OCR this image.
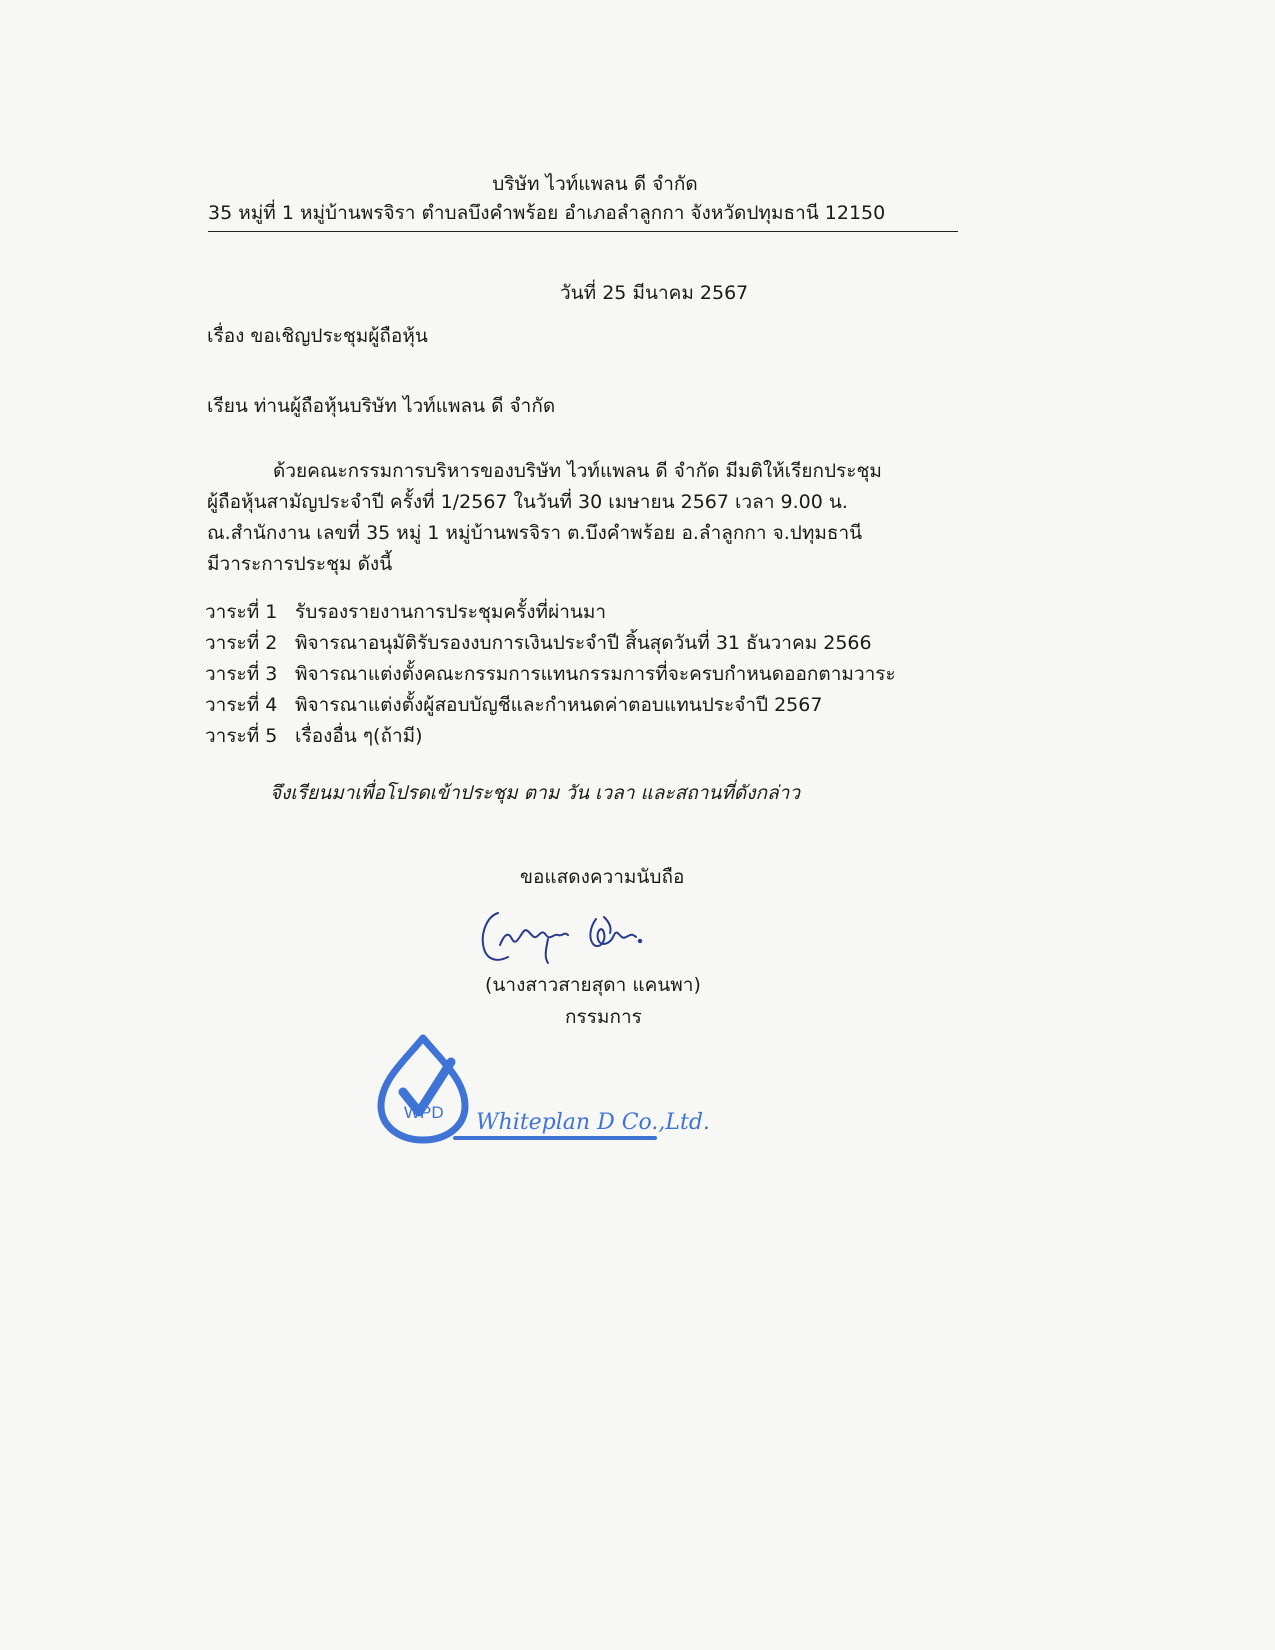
บริษัท ไวท์แพลน ดี จำกัด
35 หมู่ที่ 1 หมู่บ้านพรจิรา ตำบลบึงคำพร้อย อำเภอลำลูกกา จังหวัดปทุมธานี 12150
วันที่ 25 มีนาคม 2567
เรื่อง ขอเชิญประชุมผู้ถือหุ้น
เรียน ท่านผู้ถือหุ้นบริษัท ไวท์แพลน ดี จำกัด
ด้วยคณะกรรมการบริหารของบริษัท ไวท์แพลน ดี จำกัด มีมติให้เรียกประชุม
ผู้ถือหุ้นสามัญประจำปี ครั้งที่ 1/2567 ในวันที่ 30 เมษายน 2567 เวลา 9.00 น.
ณ.สำนักงาน เลขที่ 35 หมู่ 1 หมู่บ้านพรจิรา ต.บึงคำพร้อย อ.ลำลูกกา จ.ปทุมธานี
มีวาระการประชุม ดังนี้
วาระที่ 1 รับรองรายงานการประชุมครั้งที่ผ่านมา
วาระที่ 2 พิจารณาอนุมัติรับรองงบการเงินประจำปี สิ้นสุดวันที่ 31 ธันวาคม 2566
วาระที่ 3 พิจารณาแต่งตั้งคณะกรรมการแทนกรรมการที่จะครบกำหนดออกตามวาระ
วาระที่ 4 พิจารณาแต่งตั้งผู้สอบบัญชีและกำหนดค่าตอบแทนประจำปี 2567
วาระที่ 5 เรื่องอื่น ๆ(ถ้ามี)
จึงเรียนมาเพื่อโปรดเข้าประชุม ตาม วัน เวลา และสถานที่ดังกล่าว
ขอแสดงความนับถือ
(นางสาวสายสุดา แคนพา)
กรรมการ
WPD Whiteplan D Co.,Ltd.
